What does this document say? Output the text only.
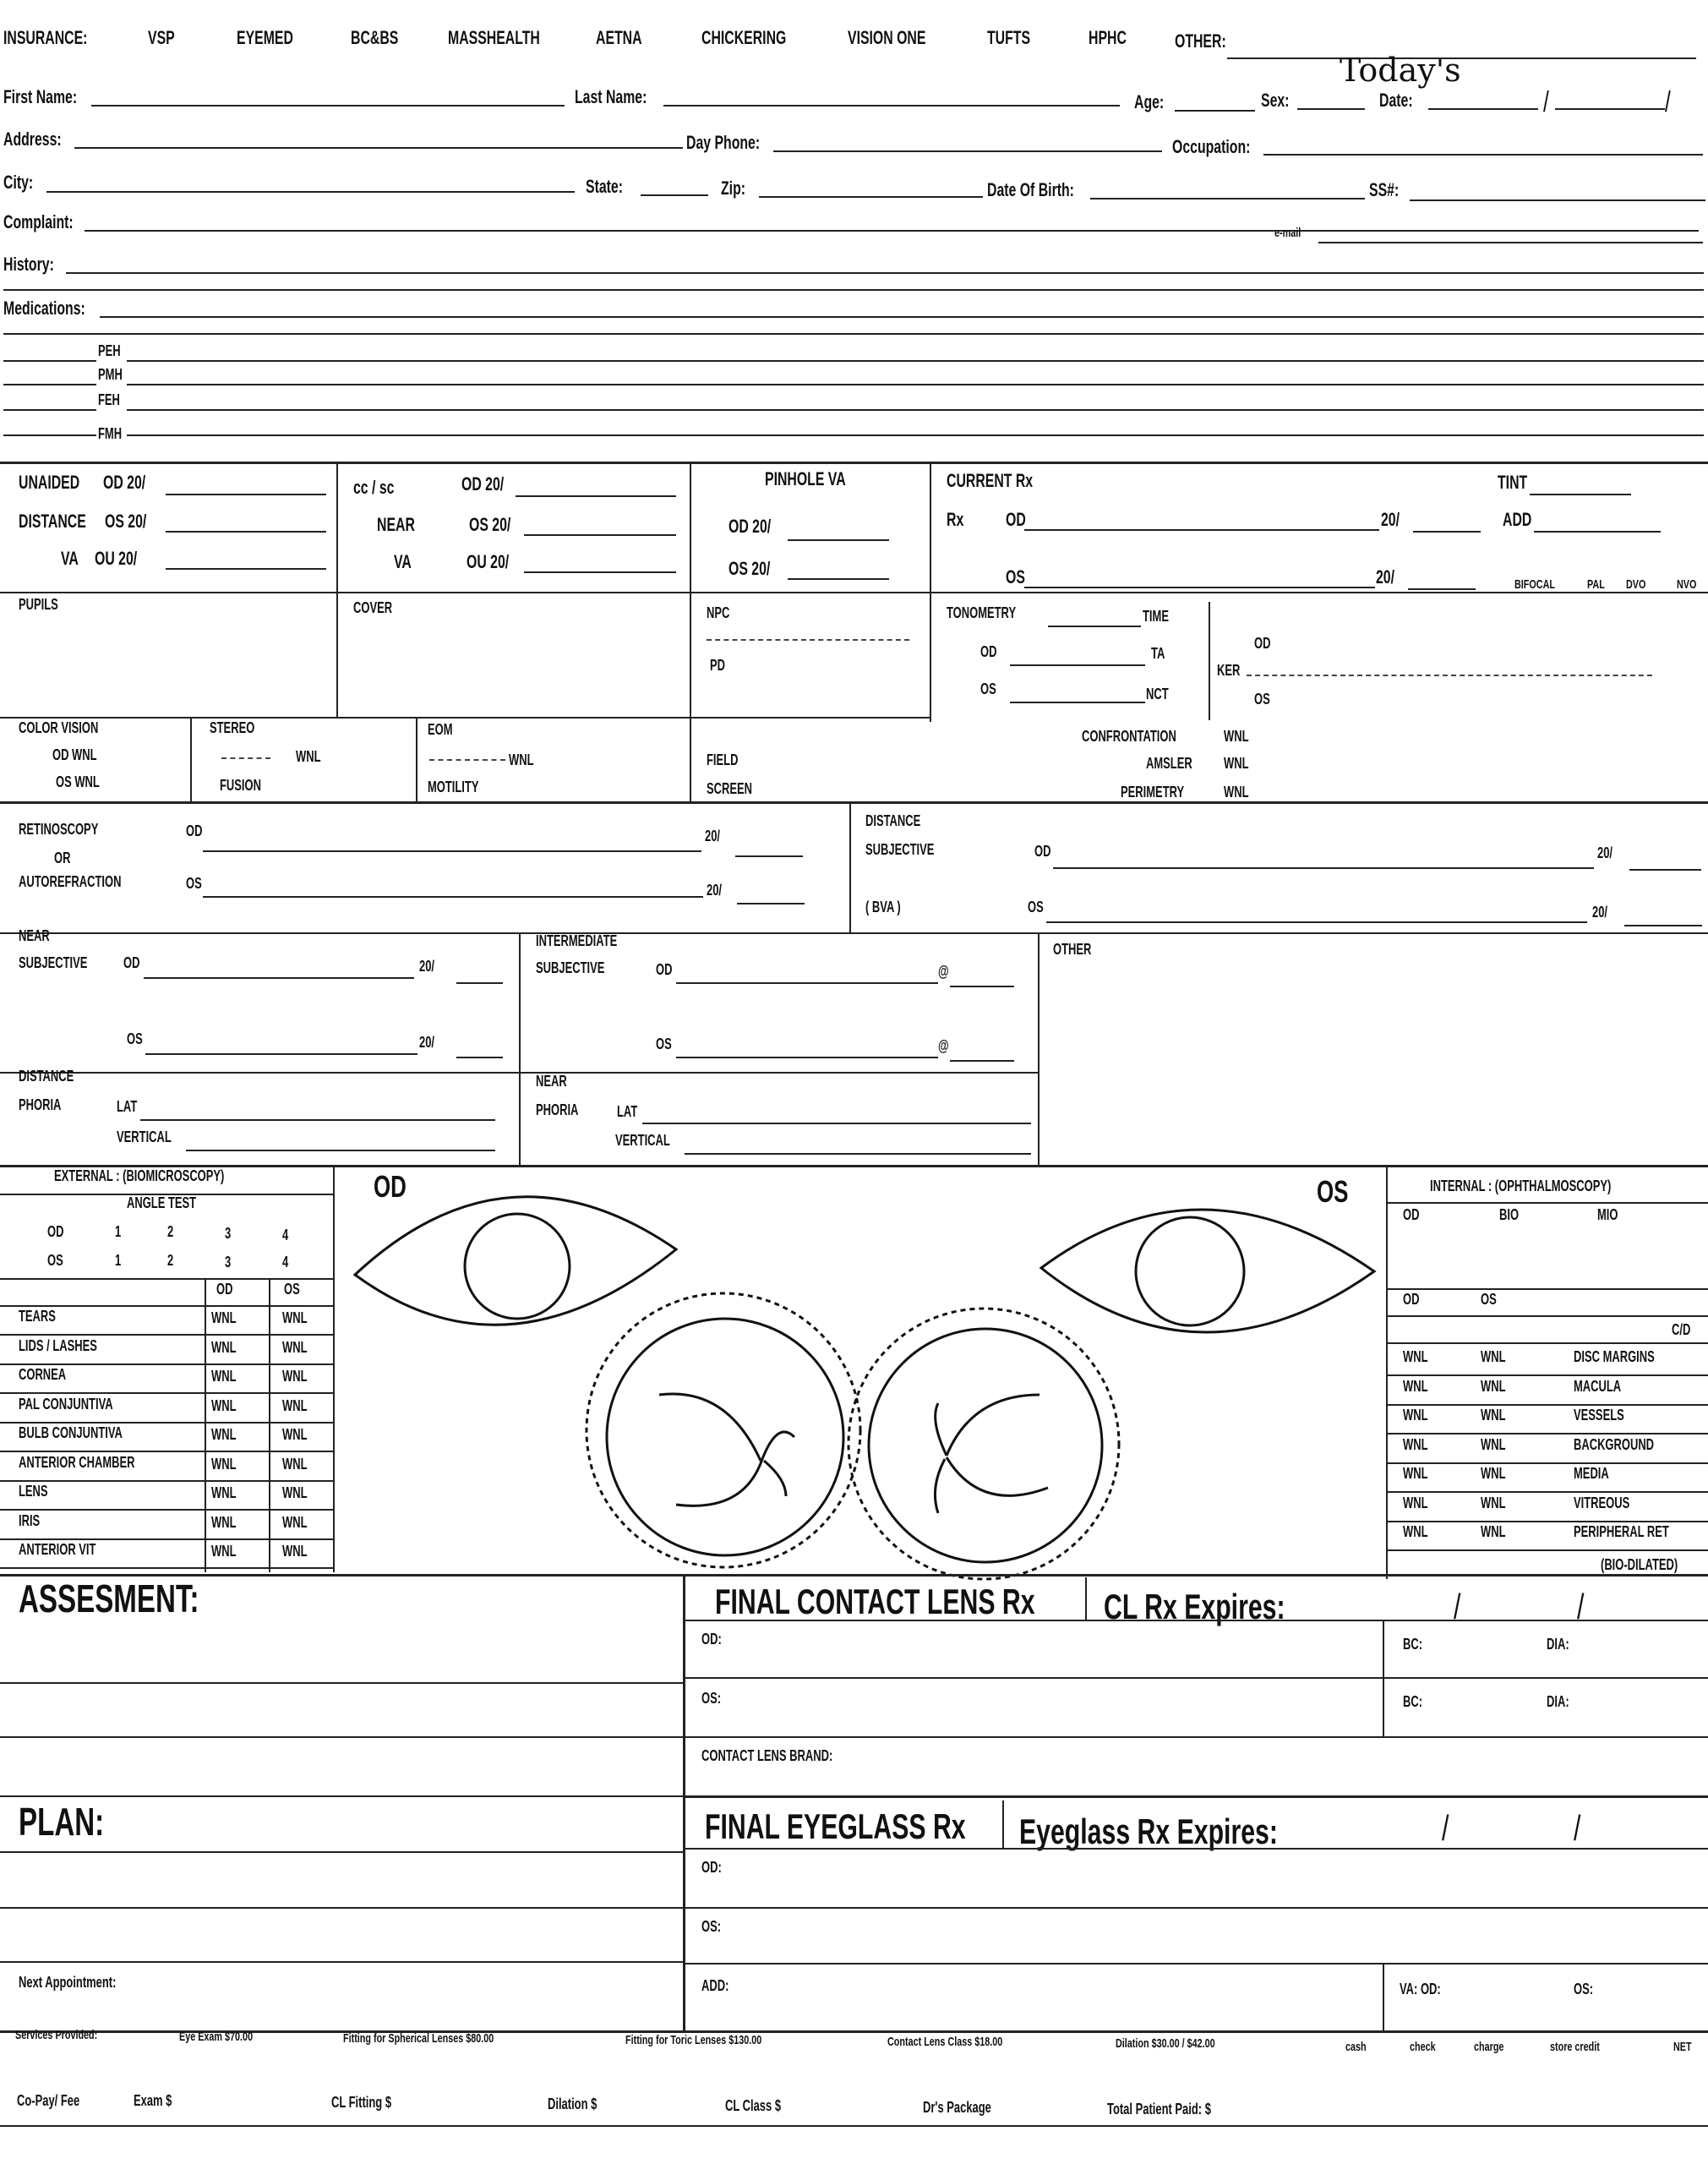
INSURANCE:	VSP	EYEMED	BC&BS	MASSHEALTH	AETNA	CHICKERING	VISION ONE	TUFTS	HPHC	OTHER:
First Name:	Last Name:	Age:	Sex:
Today's
Date:	/	/
Address:	Day Phone:	Occupation:
City:	State:	Zip:	Date Of Birth:	SS#:
Complaint:
e-mail
History:
Medications:
PEH
PMH
FEH
FMH
UNAIDED OD 20/
DISTANCE OS 20/
VA OU 20/
cc / sc	OD 20/
NEAR	OS 20/
VA	OU 20/
PINHOLE VA
OD 20/
OS 20/
CURRENT Rx	TINT
Rx OD	20/	ADD
OS	20/	BIFOCAL	PAL DVO NVO
PUPILS	COVER	NPC
PD
TONOMETRY	TIME
OD	TA
OS	NCT
OD
KER
OS
COLOR VISION
OD WNL
OS WNL
STEREO
WNL
FUSION
EOM
WNL
MOTILITY
FIELD
SCREEN
CONFRONTATION	WNL
AMSLER WNL
PERIMETRY	WNL
RETINOSCOPY
OR
AUTOREFRACTION
OD	20/
OS	20/
DISTANCE
SUBJECTIVE
( BVA )
OD	20/
OS	20/
NEAR
SUBJECTIVE OD	20/
OS	20/
INTERMEDIATE
SUBJECTIVE	OD	@
OS	@
OTHER
DISTANCE
PHORIA	LAT
VERTICAL
NEAR
PHORIA	LAT
VERTICAL
EXTERNAL : (BIOMICROSCOPY)
ANGLE TEST
OD	1	2	3	4
OS	1	2	3	4
OD	OS
TEARS	WNL	WNL
LIDS / LASHES	WNL	WNL
CORNEA	WNL	WNL
PAL CONJUNTIVA	WNL	WNL
BULB CONJUNTIVA	WNL	WNL
ANTERIOR CHAMBER	WNL	WNL
LENS	WNL	WNL
IRIS	WNL	WNL
ANTERIOR VIT	WNL	WNL
OD	OS	INTERNAL : (OPHTHALMOSCOPY)
OD	BIO	MIO
OD	OS
C/D
WNL	WNL	DISC MARGINS
WNL	WNL	MACULA
WNL	WNL	VESSELS
WNL	WNL	BACKGROUND
WNL	WNL	MEDIA
WNL	WNL	VITREOUS
WNL	WNL	PERIPHERAL RET
(BIO-DILATED)
ASSESMENT:
PLAN:
Next Appointment:
FINAL CONTACT LENS Rx CL Rx Expires:	/	/
OD:	BC:	DIA:
OS:	BC:	DIA:
CONTACT LENS BRAND:
FINAL EYEGLASS Rx Eyeglass Rx Expires:	/	/
OD:
OS:
ADD:	VA: OD:	OS:
Services Provided:	Eye Exam $70.00	Fitting for Spherical Lenses $80.00	Fitting for Toric Lenses $130.00	Contact Lens Class $18.00	Dilation $30.00 / $42.00	cash	check	charge	store credit	NET
Co-Pay/ Fee	Exam $	CL Fitting $	Dilation $	CL Class $	Dr's Package	Total Patient Paid: $
